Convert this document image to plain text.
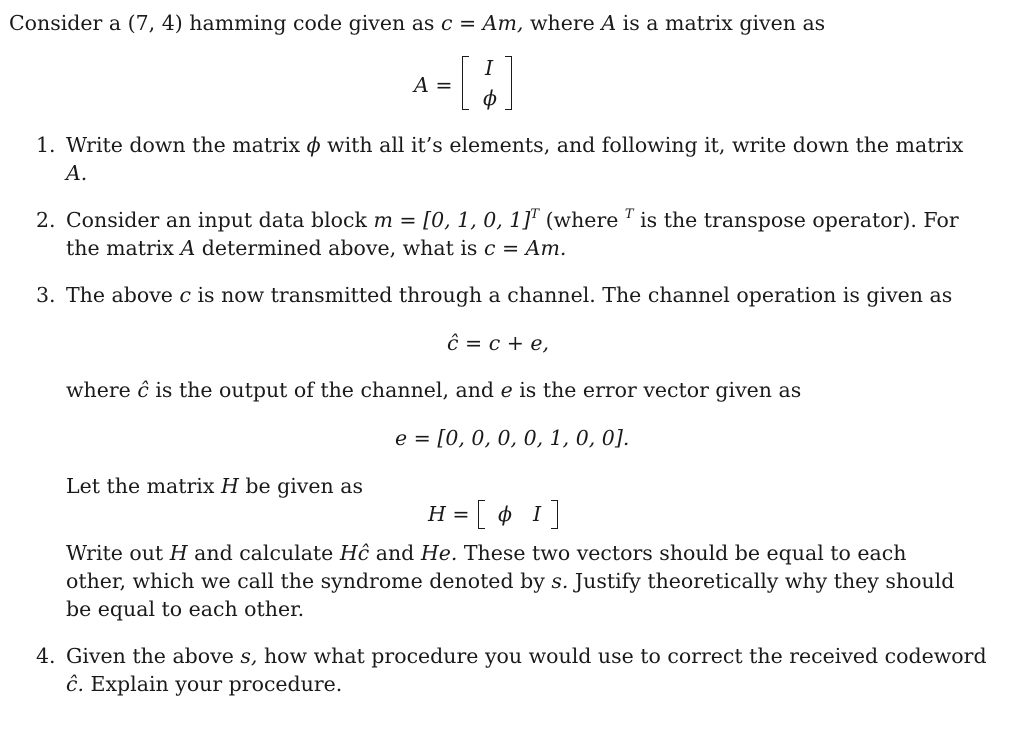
Consider a (7, 4) hamming code given as c = Am, where A is a matrix given as
A =
I
ϕ
1. Write down the matrix ϕ with all it’s elements, and following it, write down the matrix
A.
2. Consider an input data block m = [0, 1, 0, 1]$^T$ (where $^T$ is the transpose operator). For
the matrix A determined above, what is c = Am.
3. The above c is now transmitted through a channel. The channel operation is given as
ĉ = c + e,
where ĉ is the output of the channel, and e is the error vector given as
e = [0, 0, 0, 0, 1, 0, 0].
Let the matrix H be given as
H = ϕ I
Write out H and calculate Hĉ and He. These two vectors should be equal to each
other, which we call the syndrome denoted by s. Justify theoretically why they should
be equal to each other.
4. Given the above s, how what procedure you would use to correct the received codeword
ĉ. Explain your procedure.
